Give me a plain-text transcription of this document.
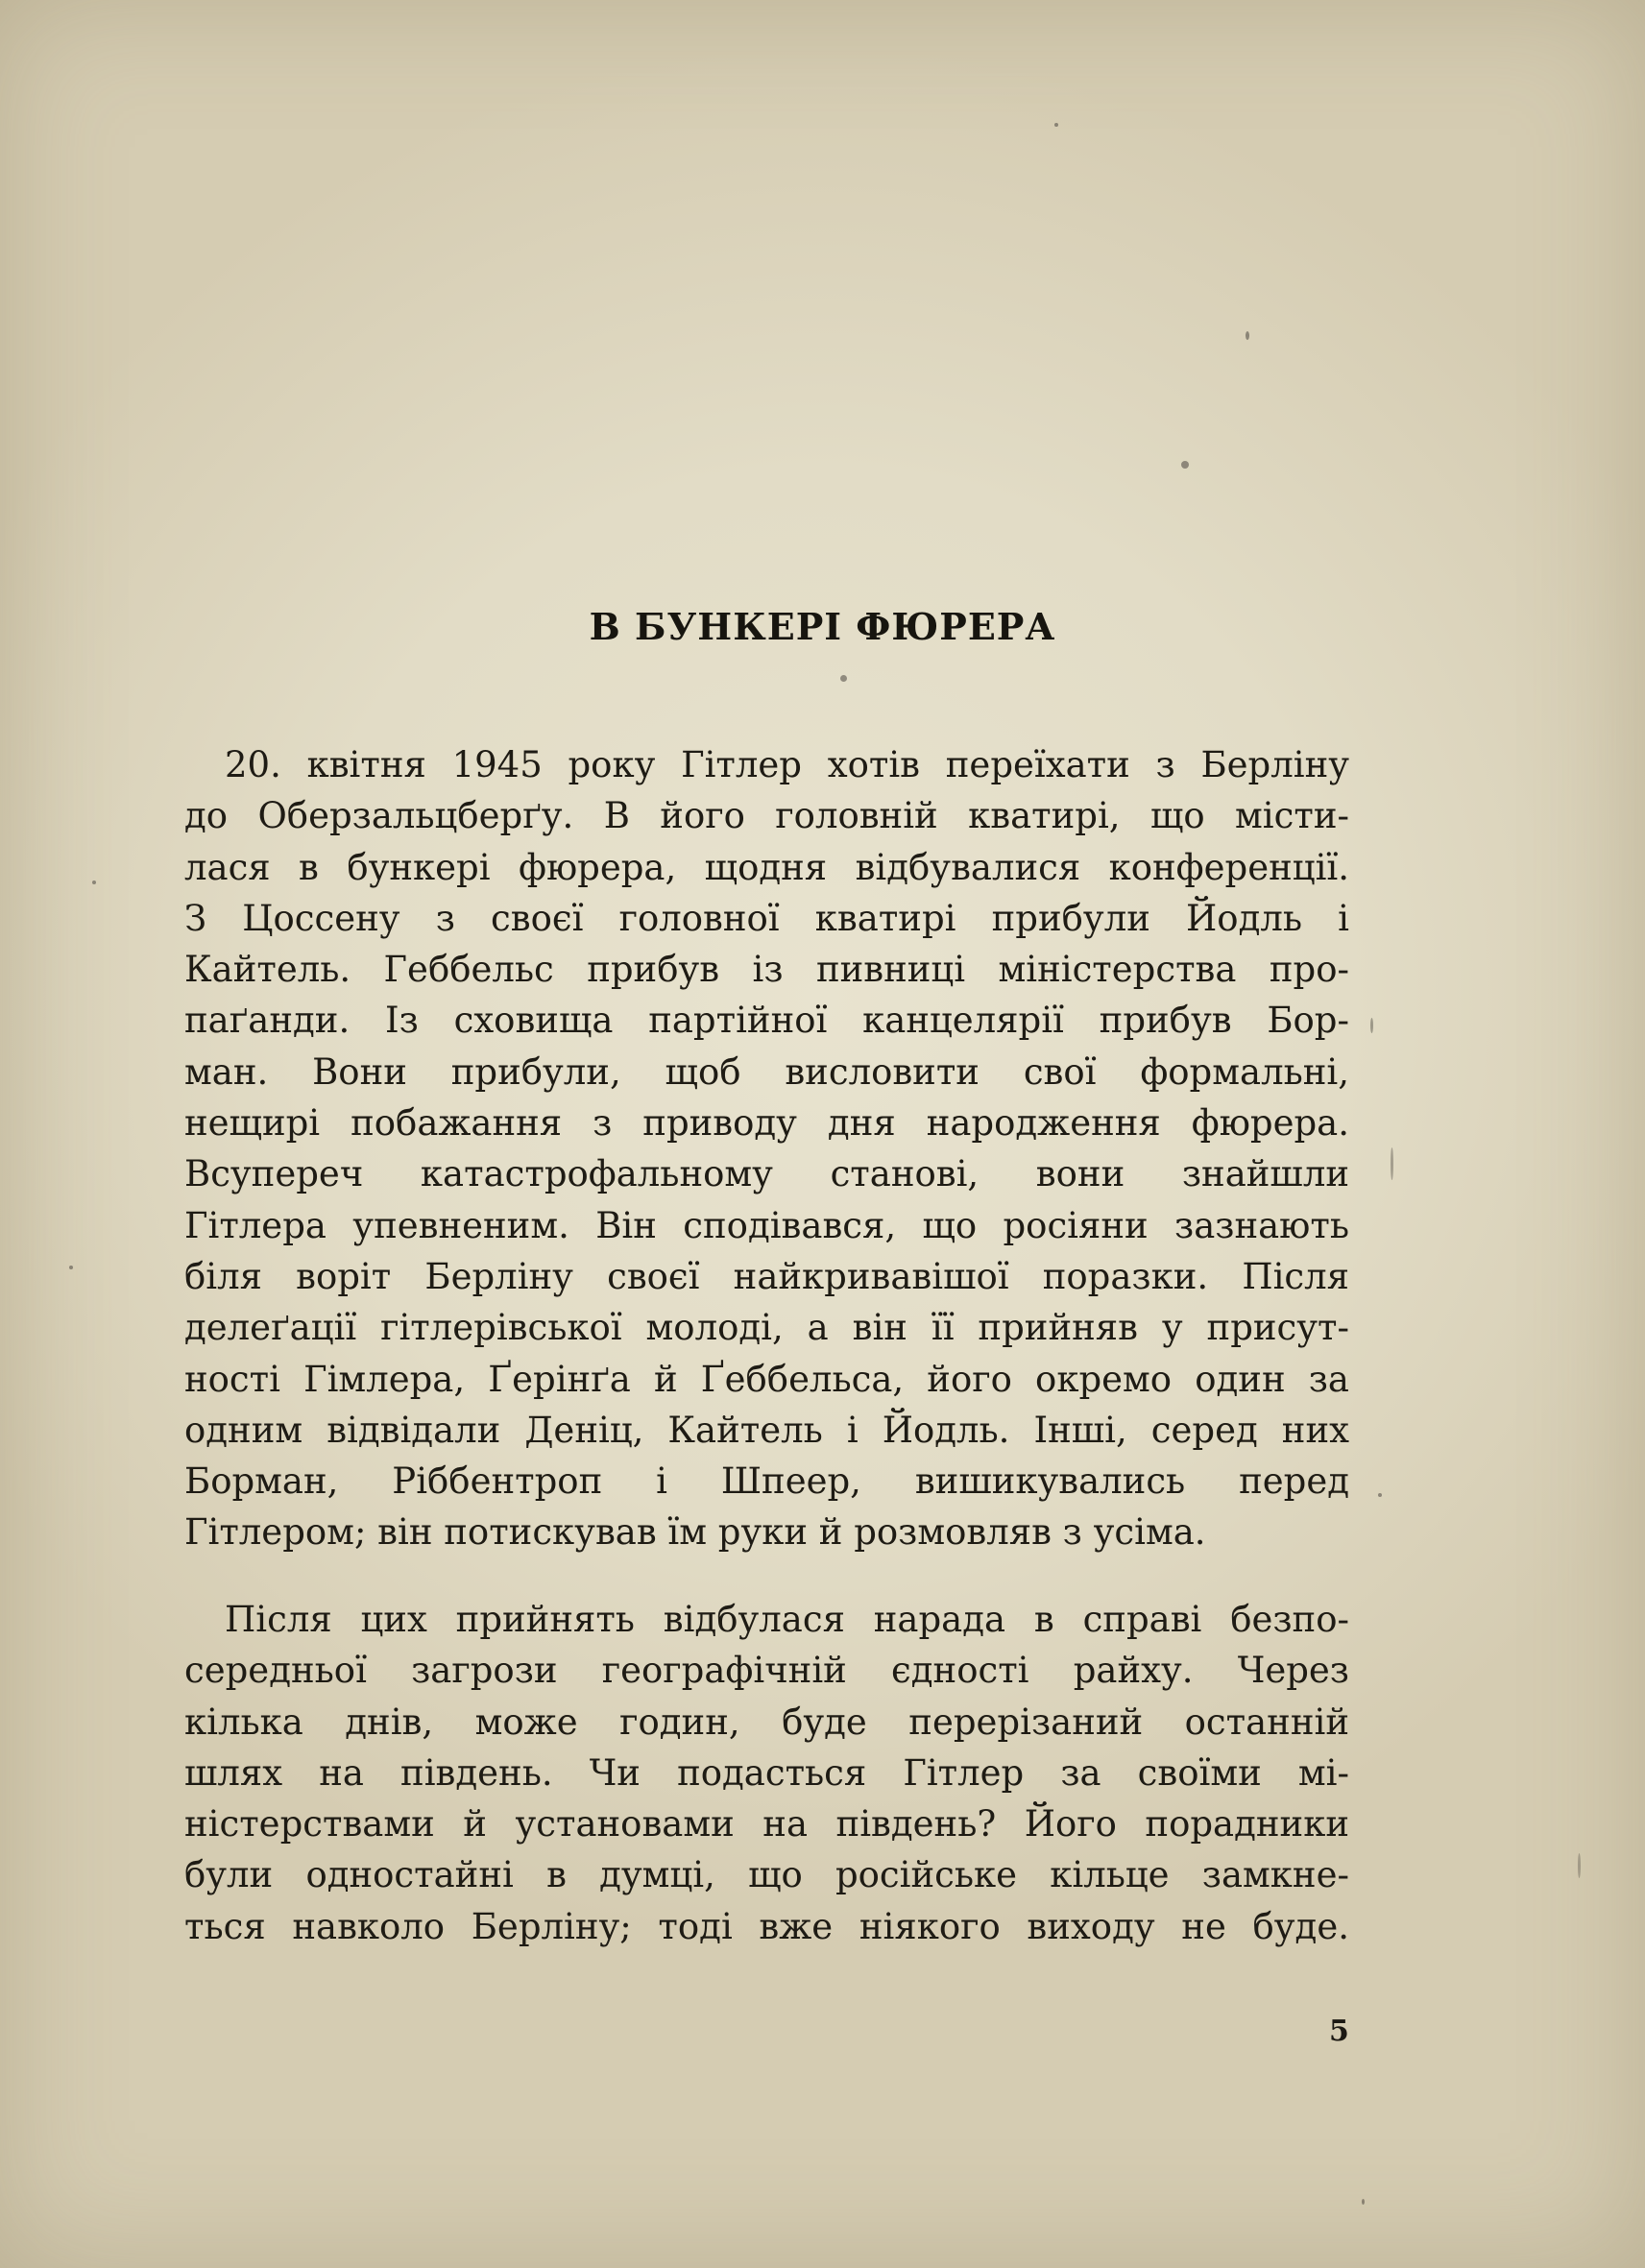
В БУНКЕРІ ФЮРЕРА
20. квітня 1945 року Гітлер хотів переїхати з Берліну
до Оберзальцберґу. В його головній кватирі, що місти-
лася в бункері фюрера, щодня відбувалися конференції.
З Цоссену з своєї головної кватирі прибули Йодль і
Кайтель. Геббельс прибув із пивниці міністерства про-
паґанди. Із сховища партійної канцелярії прибув Бор-
ман. Вони прибули, щоб висловити свої формальні,
нещирі побажання з приводу дня народження фюрера.
Всупереч катастрофальному станові, вони знайшли
Гітлера упевненим. Він сподівався, що росіяни зазнають
біля воріт Берліну своєї найкривавішої поразки. Після
делеґації гітлерівської молоді, а він її прийняв у присут-
ності Гімлера, Ґерінґа й Ґеббельса, його окремо один за
одним відвідали Деніц, Кайтель і Йодль. Інші, серед них
Борман, Ріббентроп і Шпеер, вишикувались перед
Гітлером; він потискував їм руки й розмовляв з усіма.
Після цих прийнять відбулася нарада в справі безпо-
середньої загрози географічній єдності райху. Через
кілька днів, може годин, буде перерізаний останній
шлях на південь. Чи подасться Гітлер за своїми мі-
ністерствами й установами на південь? Його порадники
були одностайні в думці, що російське кільце замкне-
ться навколо Берліну; тоді вже ніякого виходу не буде.
5
